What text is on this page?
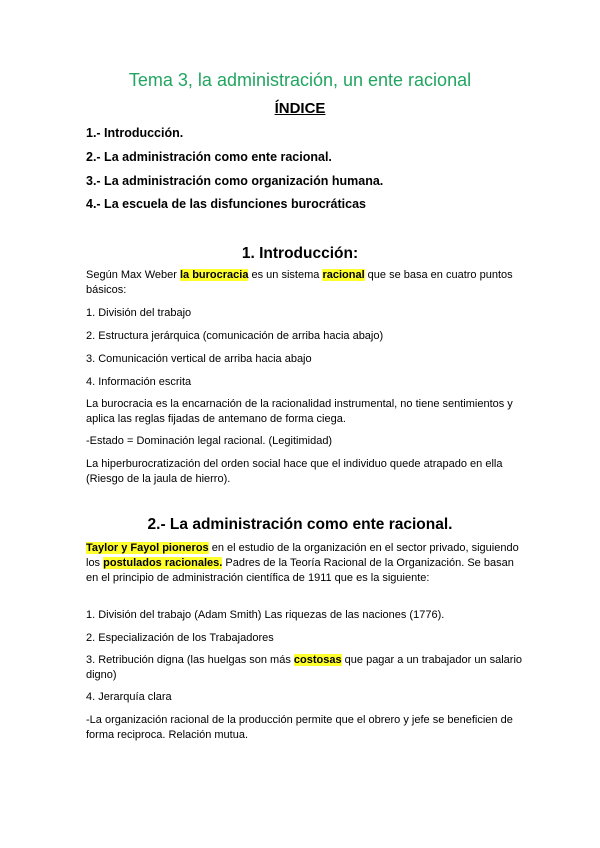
Tema 3, la administración, un ente racional
ÍNDICE

1.- Introducción.

2.- La administración como ente racional.

3.- La administración como organización humana.

4.- La escuela de las disfunciones burocráticas

1. Introducción:

Según Max Weber la burocracia es un sistema racional que se basa en cuatro puntos básicos:

1. División del trabajo

2. Estructura jerárquica (comunicación de arriba hacia abajo)

3. Comunicación vertical de arriba hacia abajo

4. Información escrita

La burocracia es la encarnación de la racionalidad instrumental, no tiene sentimientos y aplica las reglas fijadas de antemano de forma ciega.

-Estado = Dominación legal racional. (Legitimidad)

La hiperburocratización del orden social hace que el individuo quede atrapado en ella (Riesgo de la jaula de hierro).

2.- La administración como ente racional.

Taylor y Fayol pioneros en el estudio de la organización en el sector privado, siguiendo los postulados racionales. Padres de la Teoría Racional de la Organización. Se basan en el principio de administración científica de 1911 que es la siguiente:

1. División del trabajo (Adam Smith) Las riquezas de las naciones (1776).

2. Especialización de los Trabajadores

3. Retribución digna (las huelgas son más costosas que pagar a un trabajador un salario digno)

4. Jerarquía clara

-La organización racional de la producción permite que el obrero y jefe se beneficien de forma reciproca. Relación mutua.
